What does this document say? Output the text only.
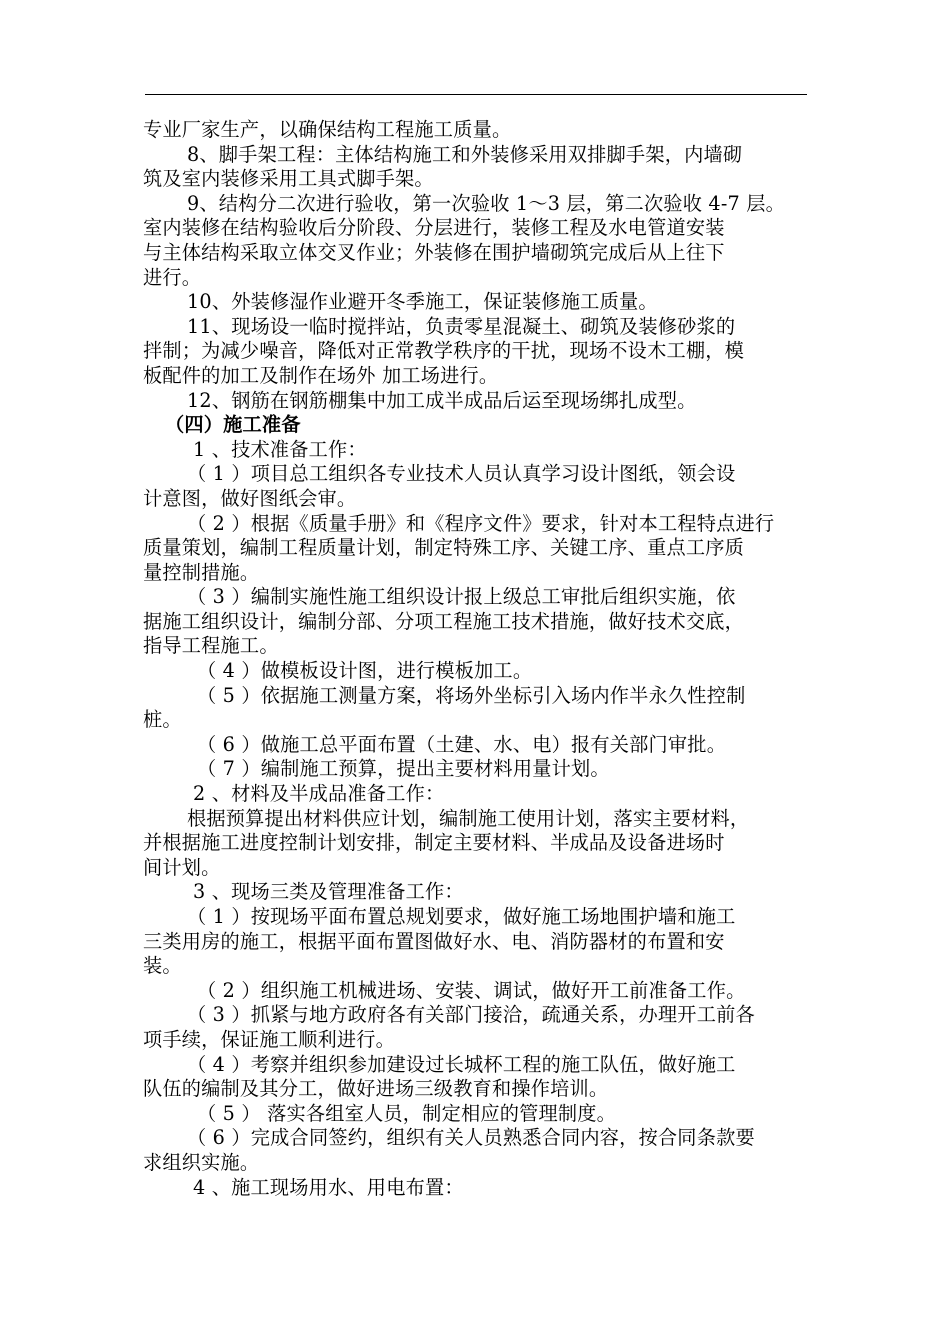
专业厂家生产，以确保结构工程施工质量。
8、脚手架工程：主体结构施工和外装修采用双排脚手架，内墙砌
筑及室内装修采用工具式脚手架。
9、结构分二次进行验收，第一次验收 1～3 层，第二次验收 4-7 层。
室内装修在结构验收后分阶段、分层进行，装修工程及水电管道安装
与主体结构采取立体交叉作业；外装修在围护墙砌筑完成后从上往下
进行。
10、外装修湿作业避开冬季施工，保证装修施工质量。
11、现场设一临时搅拌站，负责零星混凝土、砌筑及装修砂浆的
拌制；为减少噪音，降低对正常教学秩序的干扰，现场不设木工棚，模
板配件的加工及制作在场外 加工场进行。
12、钢筋在钢筋棚集中加工成半成品后运至现场绑扎成型。
（四）施工准备
1 、技术准备工作：
（ 1 ）项目总工组织各专业技术人员认真学习设计图纸，领会设
计意图，做好图纸会审。
（ 2 ）根据《质量手册》和《程序文件》要求，针对本工程特点进行
质量策划，编制工程质量计划，制定特殊工序、关键工序、重点工序质
量控制措施。
（ 3 ）编制实施性施工组织设计报上级总工审批后组织实施，依
据施工组织设计，编制分部、分项工程施工技术措施，做好技术交底，
指导工程施工。
（ 4 ）做模板设计图，进行模板加工。
（ 5 ）依据施工测量方案，将场外坐标引入场内作半永久性控制
桩。
（ 6 ）做施工总平面布置（土建、水、电）报有关部门审批。
（ 7 ）编制施工预算，提出主要材料用量计划。
2 、材料及半成品准备工作：
根据预算提出材料供应计划，编制施工使用计划，落实主要材料，
并根据施工进度控制计划安排，制定主要材料、半成品及设备进场时
间计划。
3 、现场三类及管理准备工作：
（ 1 ）按现场平面布置总规划要求，做好施工场地围护墙和施工
三类用房的施工，根据平面布置图做好水、电、消防器材的布置和安
装。
（ 2 ）组织施工机械进场、安装、调试，做好开工前准备工作。
（ 3 ）抓紧与地方政府各有关部门接洽，疏通关系，办理开工前各
项手续，保证施工顺利进行。
（ 4 ）考察并组织参加建设过长城杯工程的施工队伍，做好施工
队伍的编制及其分工，做好进场三级教育和操作培训。
（ 5 ） 落实各组室人员，制定相应的管理制度。
（ 6 ）完成合同签约，组织有关人员熟悉合同内容，按合同条款要
求组织实施。
4 、施工现场用水、用电布置：
